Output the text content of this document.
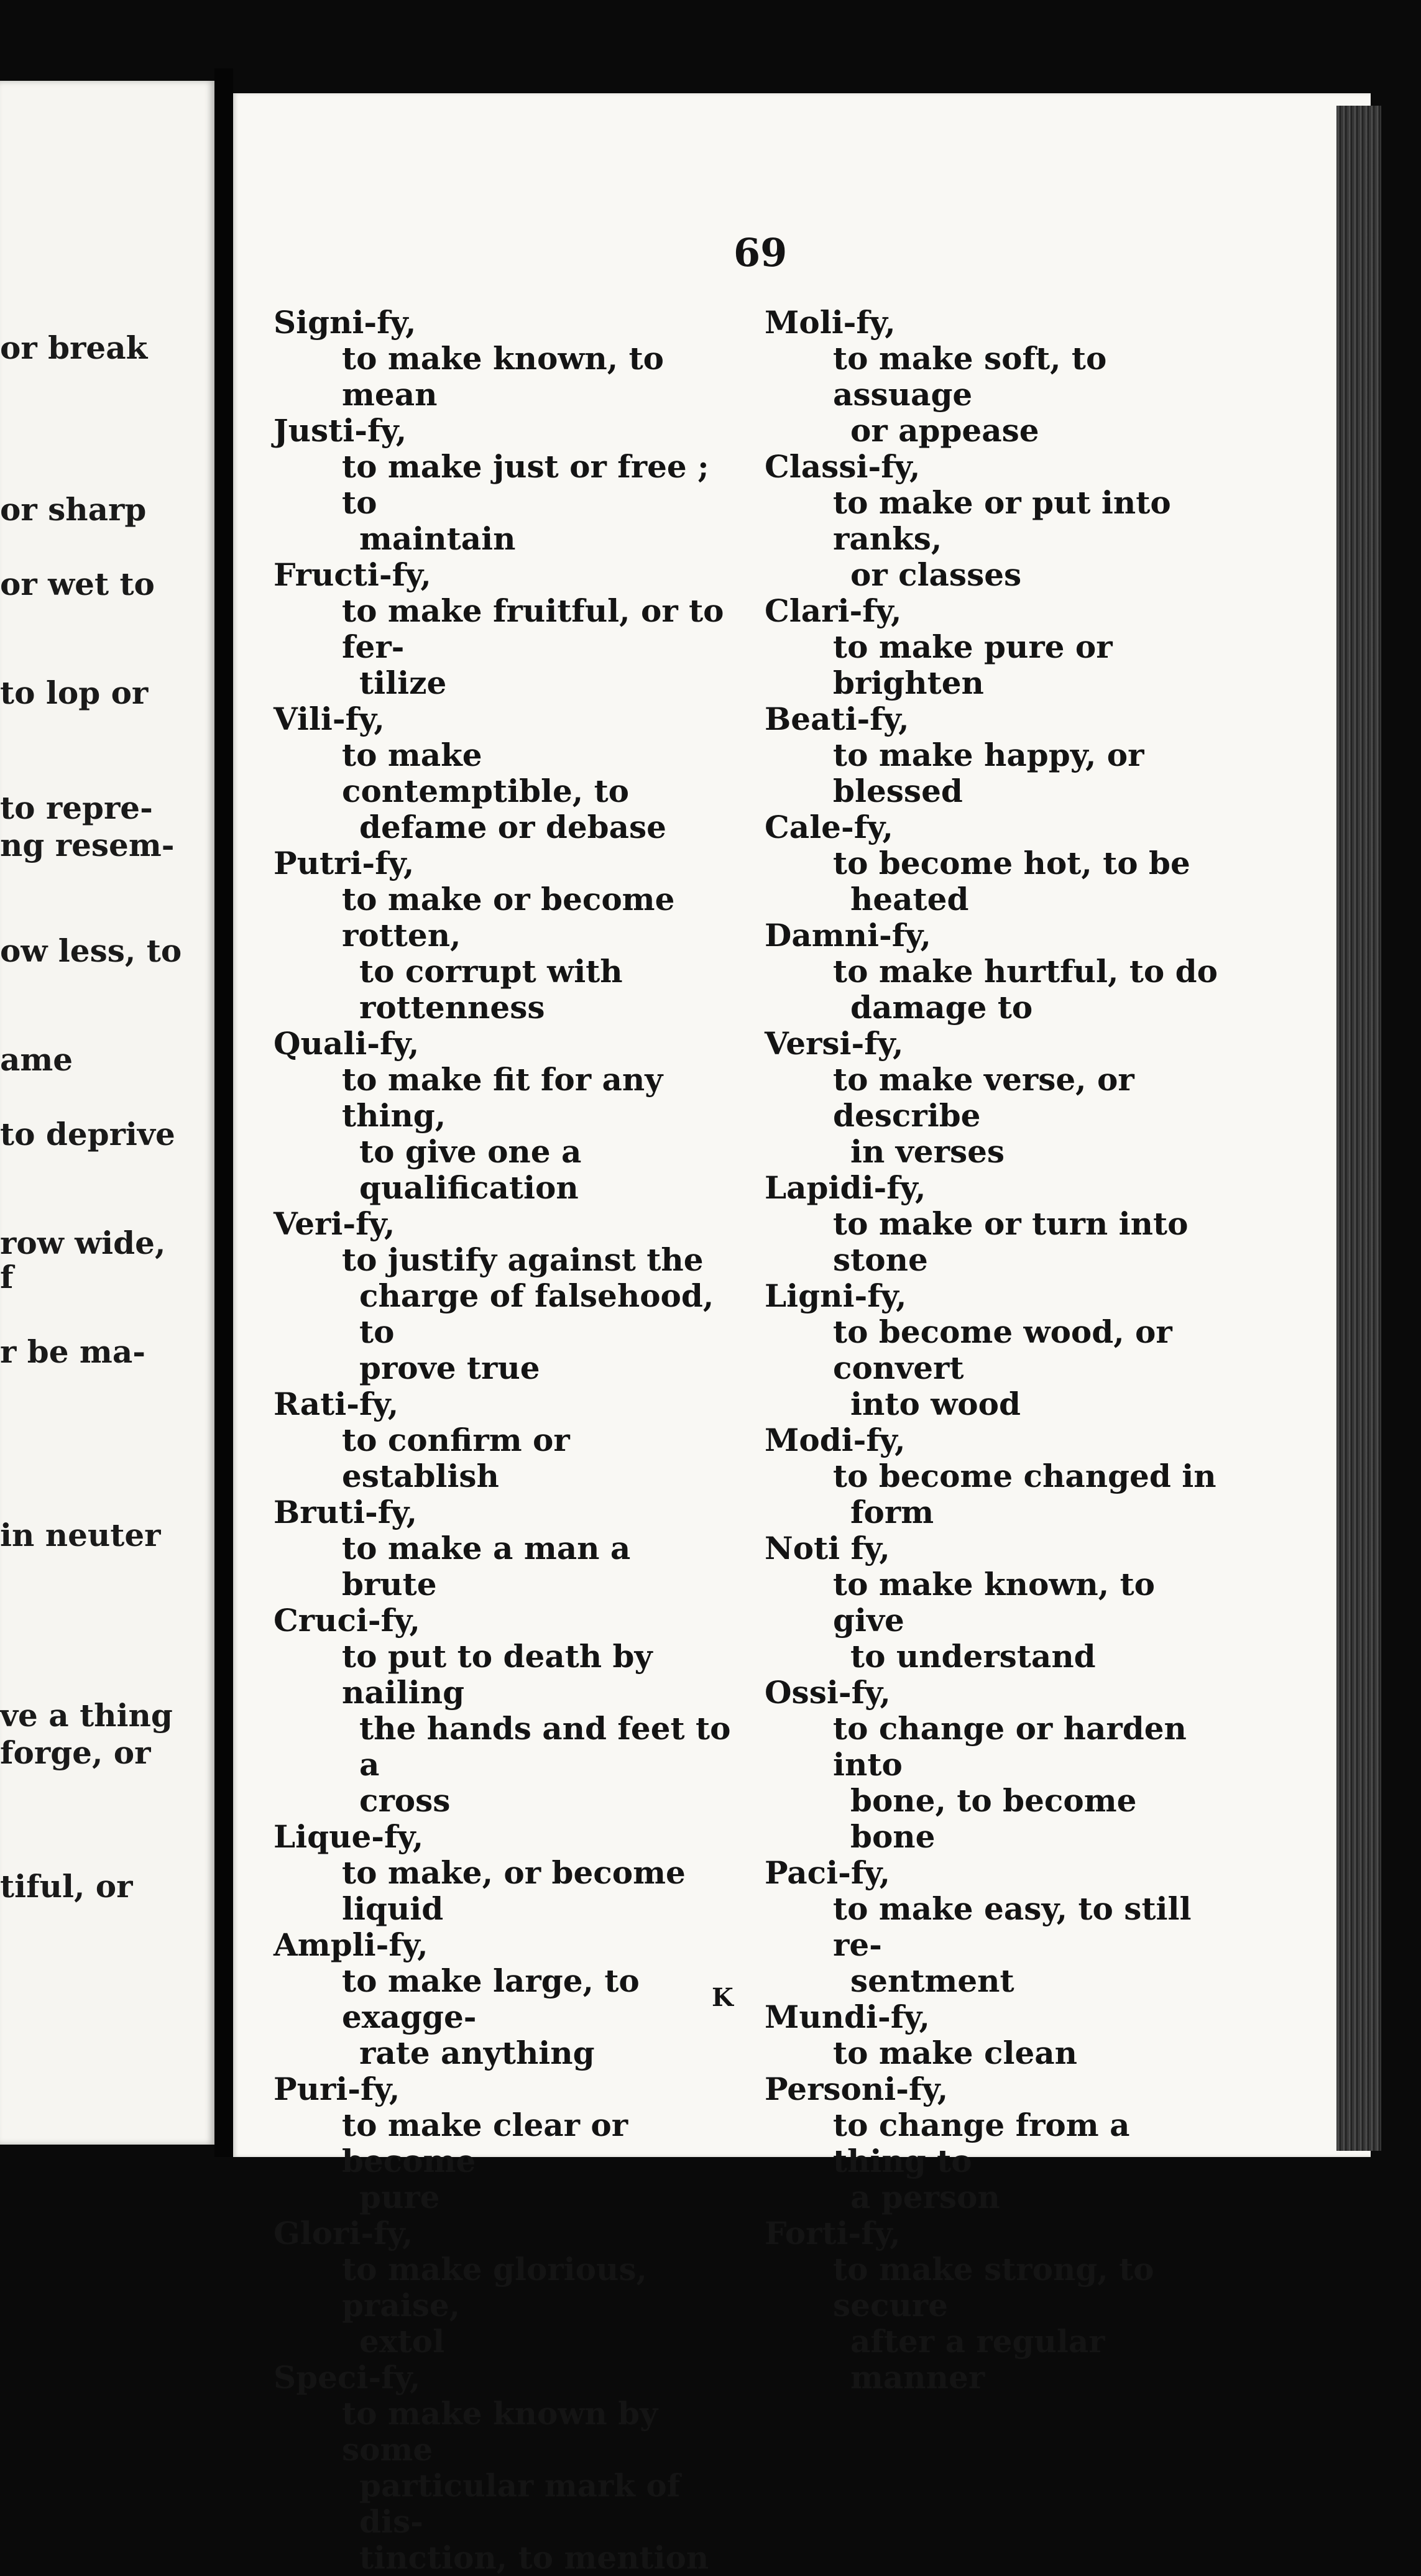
or break
or sharp
or wet to
to lop or
to repre-
ng resem-
ow less, to
ame
to deprive
row wide,
f
r be ma-
in neuter
ve a thing
forge, or
tiful, or
69
Signi-fy,
to make known, to mean
Justi-fy,
to make just or free ; to
maintain
Fructi-fy,
to make fruitful, or to fer-
tilize
Vili-fy,
to make contemptible, to
defame or debase
Putri-fy,
to make or become rotten,
to corrupt with rottenness
Quali-fy,
to make fit for any thing,
to give one a qualification
Veri-fy,
to justify against the
charge of falsehood, to
prove true
Rati-fy,
to confirm or establish
Bruti-fy,
to make a man a brute
Cruci-fy,
to put to death by nailing
the hands and feet to a
cross
Lique-fy,
to make, or become liquid
Ampli-fy,
to make large, to exagge-
rate anything
Puri-fy,
to make clear or become
pure
Glori-fy,
to make glorious, praise,
extol
Speci-fy,
to make known by some
particular mark of dis-
tinction, to mention
Moli-fy,
to make soft, to assuage
or appease
Classi-fy,
to make or put into ranks,
or classes
Clari-fy,
to make pure or brighten
Beati-fy,
to make happy, or blessed
Cale-fy,
to become hot, to be
heated
Damni-fy,
to make hurtful, to do
damage to
Versi-fy,
to make verse, or describe
in verses
Lapidi-fy,
to make or turn into stone
Ligni-fy,
to become wood, or convert
into wood
Modi-fy,
to become changed in
form
Noti fy,
to make known, to give
to understand
Ossi-fy,
to change or harden into
bone, to become bone
Paci-fy,
to make easy, to still re-
sentment
Mundi-fy,
to make clean
Personi-fy,
to change from a thing to
a person
Forti-fy,
to make strong, to secure
after a regular manner
K
